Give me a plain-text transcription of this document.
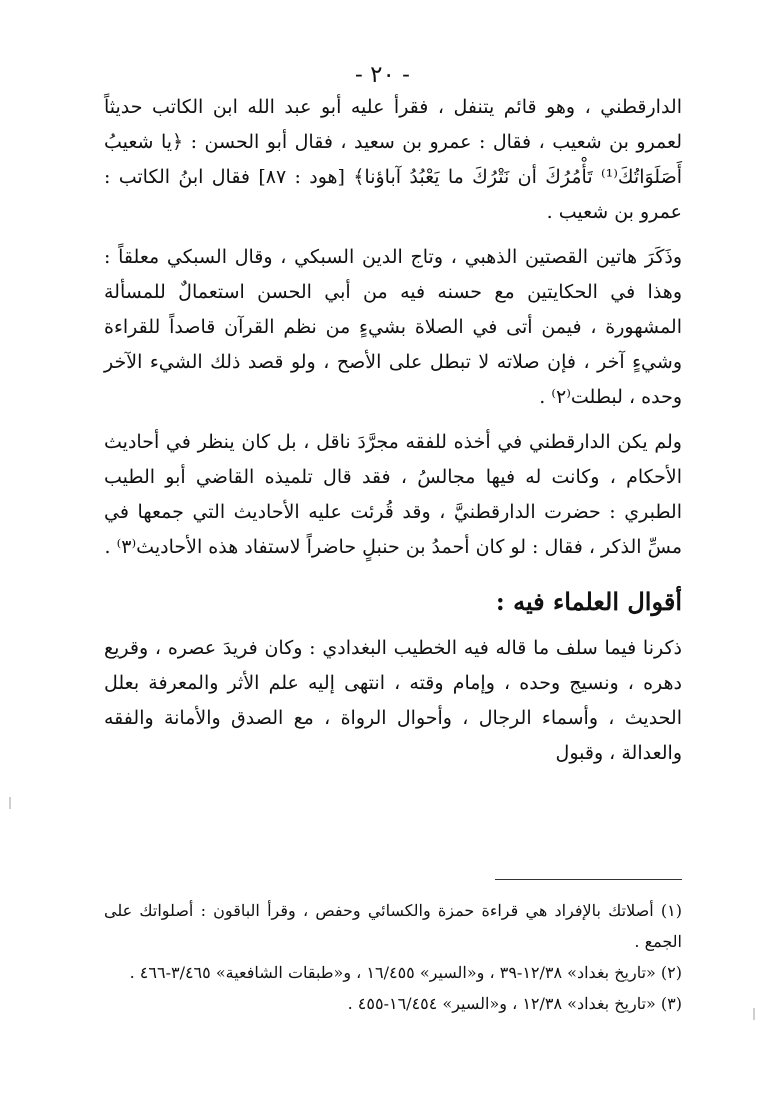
- ٢٠ -

الدارقطني ، وهو قائم يتنفل ، فقرأ عليه أبو عبد الله ابن الكاتب حديثاً لعمرو بن شعيب ، فقال : عمرو بن سعيد ، فقال أبو الحسن : ﴿يا شعيبُ أَصَلَوَاتُكَ⁽¹⁾ تَأْمُرُكَ أن نَتْرُكَ ما يَعْبُدُ آباؤنا﴾ [هود : ٨٧] فقال ابنُ الكاتب : عمرو بن شعيب .

وذَكَرَ هاتين القصتين الذهبي ، وتاج الدين السبكي ، وقال السبكي معلقاً : وهذا في الحكايتين مع حسنه فيه من أبي الحسن استعمالٌ للمسألة المشهورة ، فيمن أتى في الصلاة بشيءٍ من نظم القرآن قاصداً للقراءة وشيءٍ آخر ، فإن صلاته لا تبطل على الأصح ، ولو قصد ذلك الشيء الآخر وحده ، لبطلت⁽٢⁾ .

ولم يكن الدارقطني في أخذه للفقه مجرَّدَ ناقل ، بل كان ينظر في أحاديث الأحكام ، وكانت له فيها مجالسُ ، فقد قال تلميذه القاضي أبو الطيب الطبري : حضرت الدارقطنيَّ ، وقد قُرئت عليه الأحاديث التي جمعها في مسِّ الذكر ، فقال : لو كان أحمدُ بن حنبلٍ حاضراً لاستفاد هذه الأحاديث⁽٣⁾ .

أقوال العلماء فيه :

ذكرنا فيما سلف ما قاله فيه الخطيب البغدادي : وكان فريدَ عصره ، وقريع دهره ، ونسيج وحده ، وإمام وقته ، انتهى إليه علم الأثر والمعرفة بعلل الحديث ، وأسماء الرجال ، وأحوال الرواة ، مع الصدق والأمانة والفقه والعدالة ، وقبول

(١) أصلاتك بالإفراد هي قراءة حمزة والكسائي وحفص ، وقرأ الباقون : أصلواتك على الجمع .

(٢) «تاريخ بغداد» ١٢/٣٨-٣٩ ، و«السير» ١٦/٤٥٥ ، و«طبقات الشافعية» ٣/٤٦٥-٤٦٦ .

(٣) «تاريخ بغداد» ١٢/٣٨ ، و«السير» ١٦/٤٥٤-٤٥٥ .
